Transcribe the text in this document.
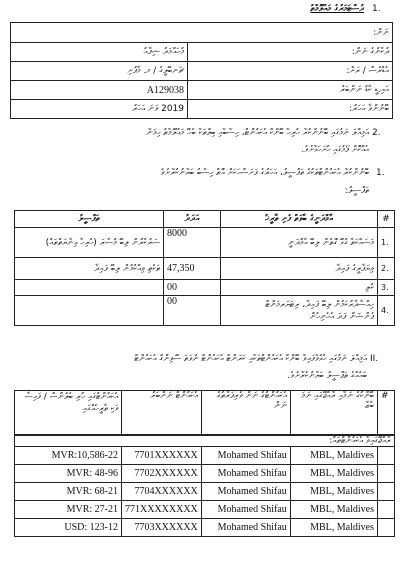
1.
ދުސްޓަމަރުގެ މައުލޫމާތު
ނަން:	
މުހައްމަދު ޝިފާއު	ދުކާނުގެ ނަން:
ޗަނބޭލީގެ / މ. މާފުށި	އެޑްރެސް / ރަށް:
A129038	އައި.ޑީ ކާޑު ނަންބަރު
2019 ވަނަ އަހަރު	ބޭނުންވާ އަހަރު:
2.
އަމިއްލަ ނަމުގައި ބޭނުންކުރާ ހުރިހާ ބޭންކް އެކައުންޓް، ހިސާބާއި ބިލްތަކާ ބެހޭ މަޢުލޫމާތު ހިމަނާ
އެއްކޮށް ފޯމުގައި ހުށަހަޅާށެވެ.
1.
ބޭނުންކުރާ އެކައުންޓްތަކުގެ ތަފްސީލު، އަހަރުގެ ފަށަސްހަކަށް އޮތް ހިސާބު ބަޔާނުކުރާށެވެ
ތަފްސީލު:
ތަފްސީލު	އަދަދު	އާމްދަނީގެ ބާވަތް ފެށި ތާރީޚު	#
ސަރުކާރުން ލިބޭ މުސާރަ (ހުރިހާ ޢިނާޔަތްތައް)	8000	މަސައްކަތާ ގުޅޭ ގޮތުން ލިބޭ އާމްދަނީ	1.
ތަކެތި ވިއްކުމުން ލިބޭ ފައިދާ	47,350	ވިޔަފާރީގެ ފައިދާ	2.
	00	ކުލި	3.
	00	ހިއްސާދާރުކަމުން ލިބޭ ފައިދާ، ރިޓަޔަރމަންޓް
ޕެންޝަން ފަދަ އެހެނިހެން	4.
II.
އަމިއްލަ ނަމުގައި ހުޅުވާފައިވާ ބޭންކް އެކައުންޓްތަކާއި ކަރަންޓް އެކައުންޓް ނުވަތަ ސޭވިންގް އެކައުންޓް
ބައެއްގެ ތަފްސީލު ބަޔާނުކުރާށެވެ.
އެކައުންޓުގައި ހުރި ބެލެންސް / ފައިސާ ވަކި ތާރީޚެއްގައި	އެކައުންޓް ނަންބަރު	އެކައުންޓުގެ ނަން ވެރިފަރާތުގެ ނަން	ބޭންކުގެ ނަމާއި ރާއްޖޭގައި ނަމަ ބާޒާ	#
ރާއްޖޭގައިވާ އެކައުންޓްތައް:				
MVR:10,586-22	7701XXXXXX	Mohamed Shifau	MBL, Maldives	
MVR: 48-96	7702XXXXXX	Mohamed Shifau	MBL, Maldives	
MVR: 68-21	7704XXXXXX	Mohamed Shifau	MBL, Maldives	
MVR: 27-21	771XXXXXXXX	Mohamed Shifau	MBL, Maldives	
USD: 123-12	7703XXXXXX	Mohamed Shifau	MBL, Maldives	
